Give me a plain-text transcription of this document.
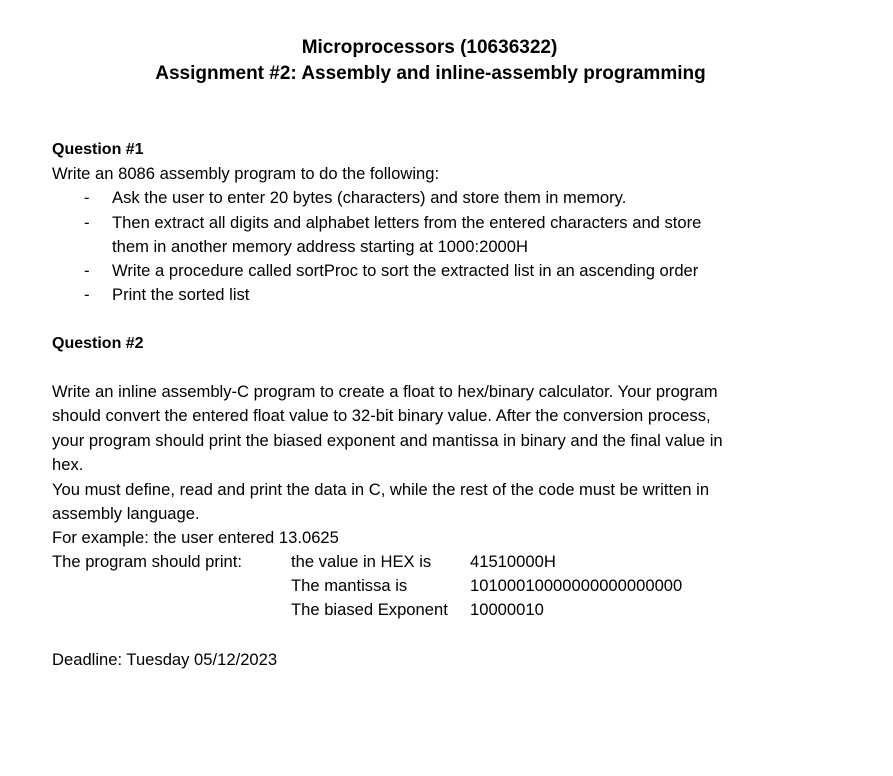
Microprocessors (10636322)
Assignment #2: Assembly and inline-assembly programming
Question #1
Write an 8086 assembly program to do the following:
- Ask the user to enter 20 bytes (characters) and store them in memory.
- Then extract all digits and alphabet letters from the entered characters and store
them in another memory address starting at 1000:2000H
- Write a procedure called sortProc to sort the extracted list in an ascending order
- Print the sorted list
Question #2
Write an inline assembly-C program to create a float to hex/binary calculator. Your program
should convert the entered float value to 32-bit binary value. After the conversion process,
your program should print the biased exponent and mantissa in binary and the final value in
hex.
You must define, read and print the data in C, while the rest of the code must be written in
assembly language.
For example: the user entered 13.0625
The program should print:	the value in HEX is 41510000H
The mantissa is	10100010000000000000000
The biased Exponent 10000010
Deadline: Tuesday 05/12/2023
